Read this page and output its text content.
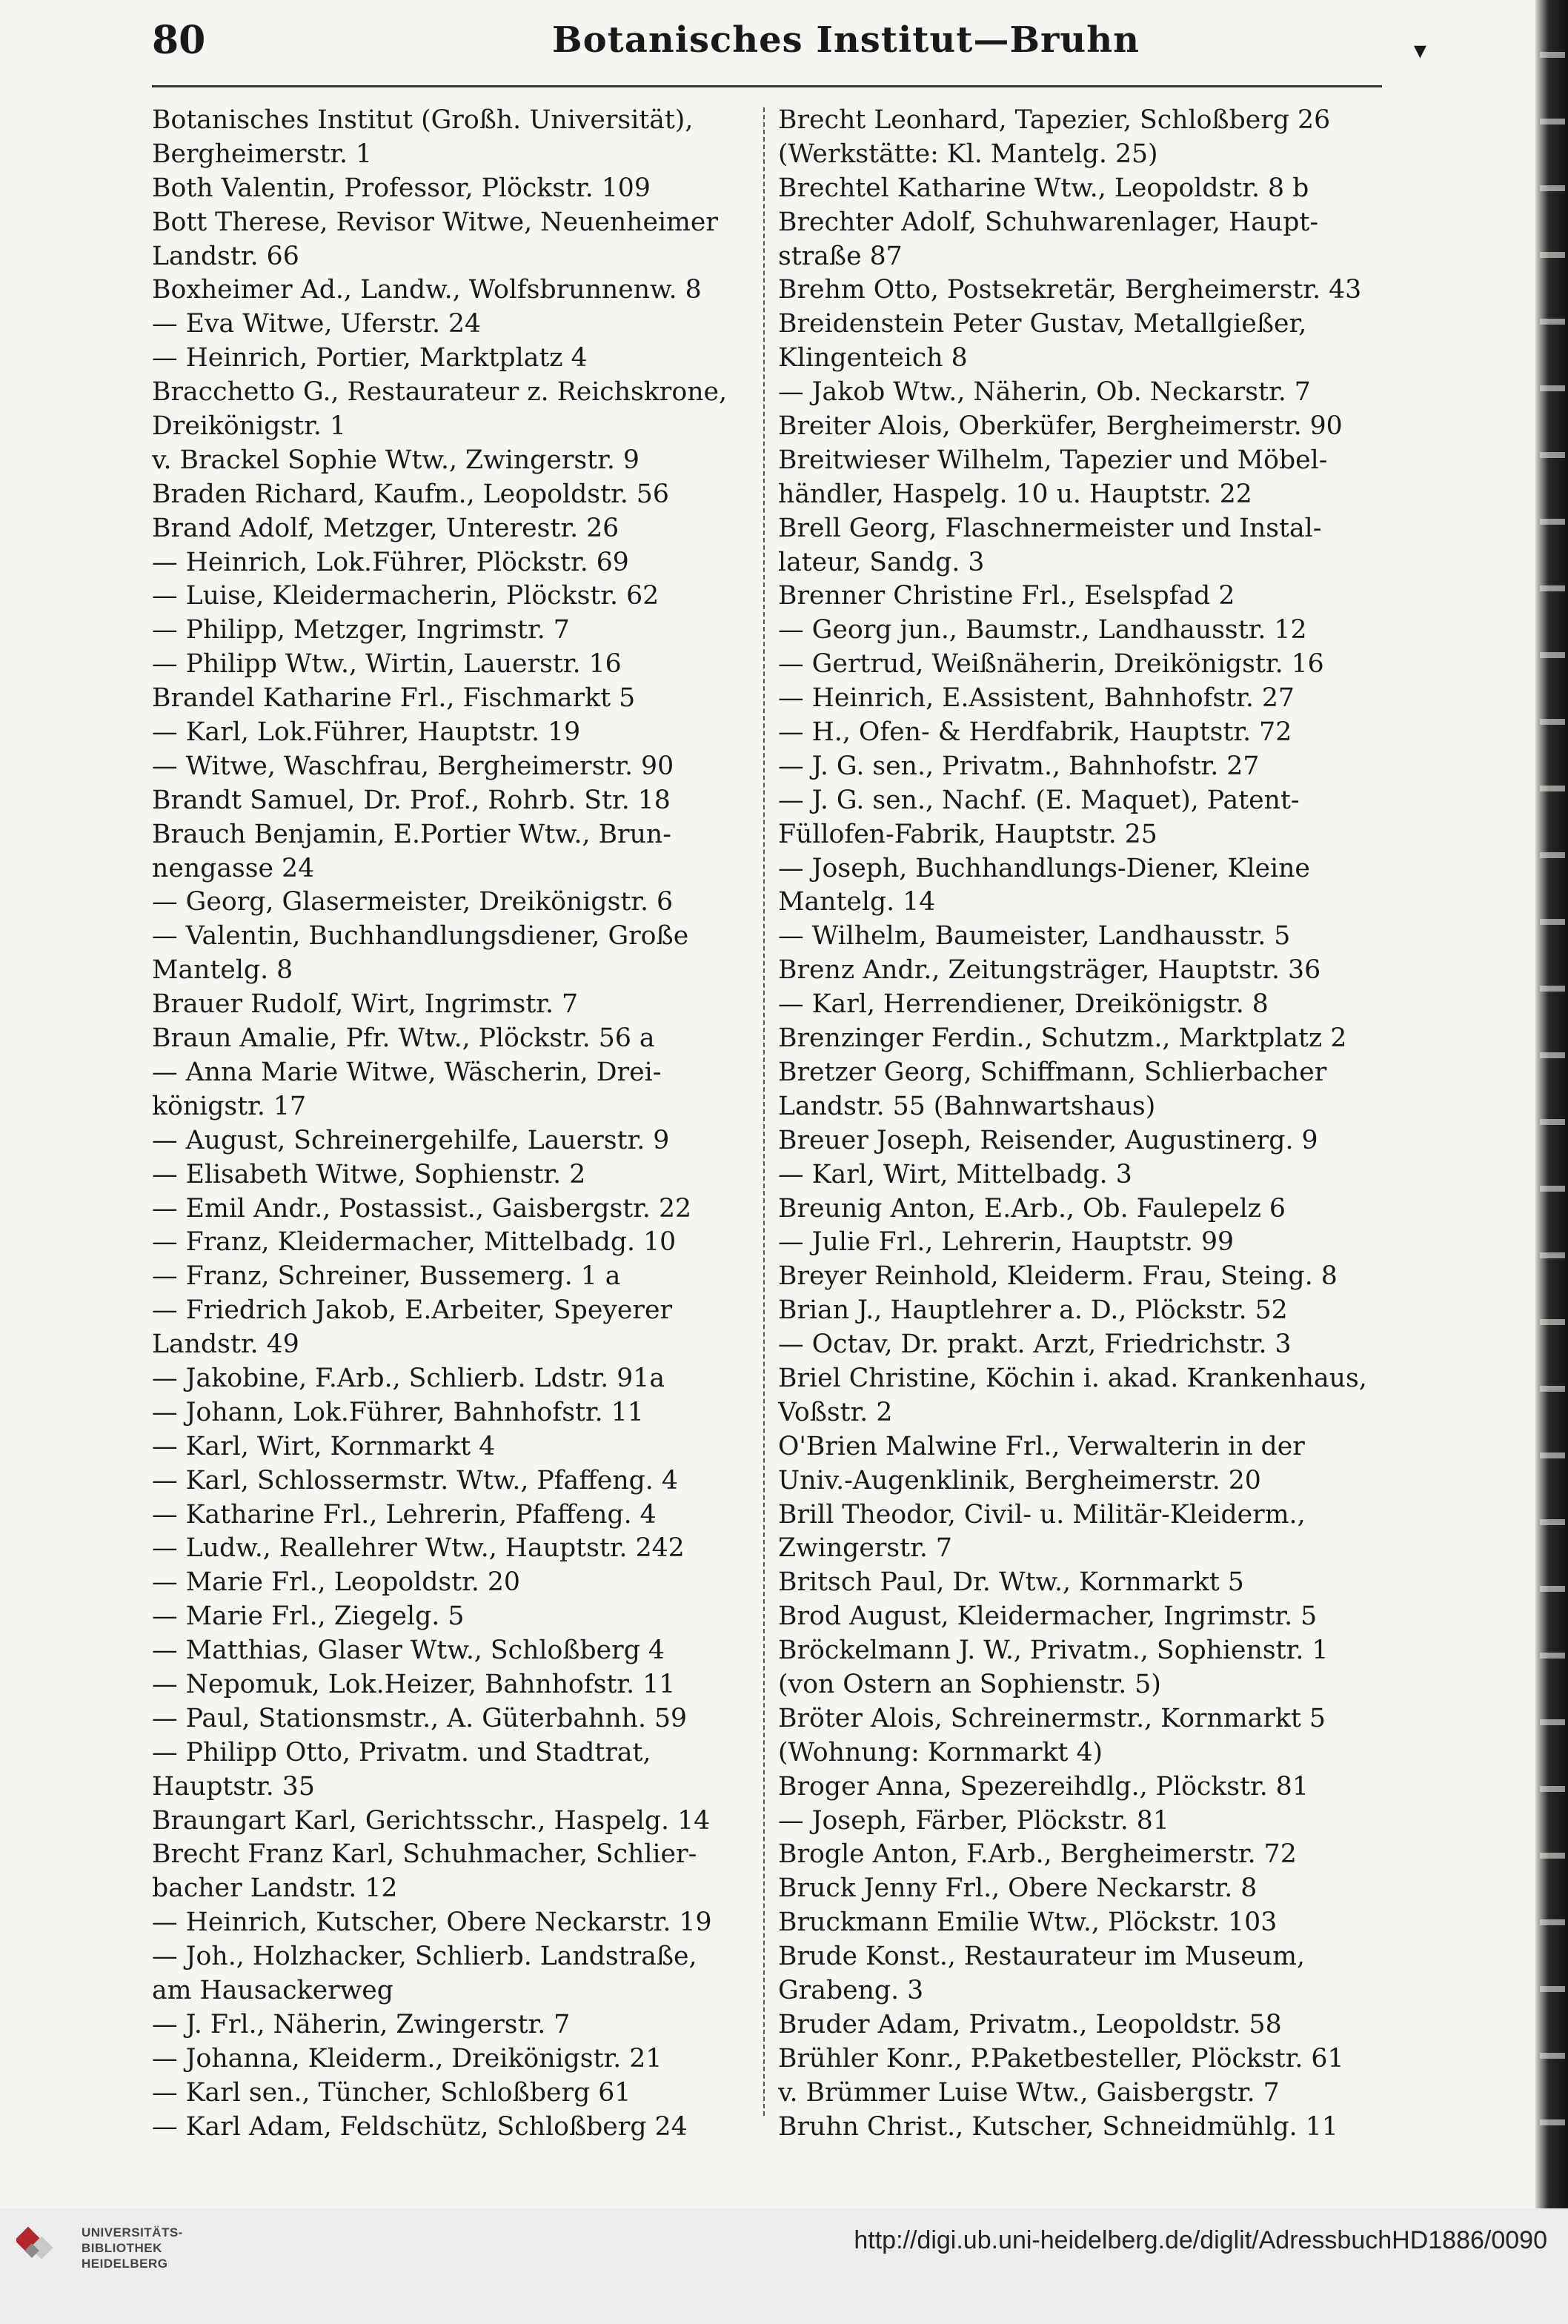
80	Botanisches Institut—Bruhn	▾
Botanisches Institut (Großh. Universität),
Bergheimerstr. 1
Both Valentin, Professor, Plöckstr. 109
Bott Therese, Revisor Witwe, Neuenheimer
Landstr. 66
Boxheimer Ad., Landw., Wolfsbrunnenw. 8
— Eva Witwe, Uferstr. 24
— Heinrich, Portier, Marktplatz 4
Bracchetto G., Restaurateur z. Reichskrone,
Dreikönigstr. 1
v. Brackel Sophie Wtw., Zwingerstr. 9
Braden Richard, Kaufm., Leopoldstr. 56
Brand Adolf, Metzger, Unterestr. 26
— Heinrich, Lok.Führer, Plöckstr. 69
— Luise, Kleidermacherin, Plöckstr. 62
— Philipp, Metzger, Ingrimstr. 7
— Philipp Wtw., Wirtin, Lauerstr. 16
Brandel Katharine Frl., Fischmarkt 5
— Karl, Lok.Führer, Hauptstr. 19
— Witwe, Waschfrau, Bergheimerstr. 90
Brandt Samuel, Dr. Prof., Rohrb. Str. 18
Brauch Benjamin, E.Portier Wtw., Brun-
nengasse 24
— Georg, Glasermeister, Dreikönigstr. 6
— Valentin, Buchhandlungsdiener, Große
Mantelg. 8
Brauer Rudolf, Wirt, Ingrimstr. 7
Braun Amalie, Pfr. Wtw., Plöckstr. 56 a
— Anna Marie Witwe, Wäscherin, Drei-
königstr. 17
— August, Schreinergehilfe, Lauerstr. 9
— Elisabeth Witwe, Sophienstr. 2
— Emil Andr., Postassist., Gaisbergstr. 22
— Franz, Kleidermacher, Mittelbadg. 10
— Franz, Schreiner, Bussemerg. 1 a
— Friedrich Jakob, E.Arbeiter, Speyerer
Landstr. 49
— Jakobine, F.Arb., Schlierb. Ldstr. 91a
— Johann, Lok.Führer, Bahnhofstr. 11
— Karl, Wirt, Kornmarkt 4
— Karl, Schlossermstr. Wtw., Pfaffeng. 4
— Katharine Frl., Lehrerin, Pfaffeng. 4
— Ludw., Reallehrer Wtw., Hauptstr. 242
— Marie Frl., Leopoldstr. 20
— Marie Frl., Ziegelg. 5
— Matthias, Glaser Wtw., Schloßberg 4
— Nepomuk, Lok.Heizer, Bahnhofstr. 11
— Paul, Stationsmstr., A. Güterbahnh. 59
— Philipp Otto, Privatm. und Stadtrat,
Hauptstr. 35
Braungart Karl, Gerichtsschr., Haspelg. 14
Brecht Franz Karl, Schuhmacher, Schlier-
bacher Landstr. 12
— Heinrich, Kutscher, Obere Neckarstr. 19
— Joh., Holzhacker, Schlierb. Landstraße,
am Hausackerweg
— J. Frl., Näherin, Zwingerstr. 7
— Johanna, Kleiderm., Dreikönigstr. 21
— Karl sen., Tüncher, Schloßberg 61
— Karl Adam, Feldschütz, Schloßberg 24
Brecht Leonhard, Tapezier, Schloßberg 26
(Werkstätte: Kl. Mantelg. 25)
Brechtel Katharine Wtw., Leopoldstr. 8 b
Brechter Adolf, Schuhwarenlager, Haupt-
straße 87
Brehm Otto, Postsekretär, Bergheimerstr. 43
Breidenstein Peter Gustav, Metallgießer,
Klingenteich 8
— Jakob Wtw., Näherin, Ob. Neckarstr. 7
Breiter Alois, Oberküfer, Bergheimerstr. 90
Breitwieser Wilhelm, Tapezier und Möbel-
händler, Haspelg. 10 u. Hauptstr. 22
Brell Georg, Flaschnermeister und Instal-
lateur, Sandg. 3
Brenner Christine Frl., Eselspfad 2
— Georg jun., Baumstr., Landhausstr. 12
— Gertrud, Weißnäherin, Dreikönigstr. 16
— Heinrich, E.Assistent, Bahnhofstr. 27
— H., Ofen- & Herdfabrik, Hauptstr. 72
— J. G. sen., Privatm., Bahnhofstr. 27
— J. G. sen., Nachf. (E. Maquet), Patent-
Füllofen-Fabrik, Hauptstr. 25
— Joseph, Buchhandlungs-Diener, Kleine
Mantelg. 14
— Wilhelm, Baumeister, Landhausstr. 5
Brenz Andr., Zeitungsträger, Hauptstr. 36
— Karl, Herrendiener, Dreikönigstr. 8
Brenzinger Ferdin., Schutzm., Marktplatz 2
Bretzer Georg, Schiffmann, Schlierbacher
Landstr. 55 (Bahnwartshaus)
Breuer Joseph, Reisender, Augustinerg. 9
— Karl, Wirt, Mittelbadg. 3
Breunig Anton, E.Arb., Ob. Faulepelz 6
— Julie Frl., Lehrerin, Hauptstr. 99
Breyer Reinhold, Kleiderm. Frau, Steing. 8
Brian J., Hauptlehrer a. D., Plöckstr. 52
— Octav, Dr. prakt. Arzt, Friedrichstr. 3
Briel Christine, Köchin i. akad. Krankenhaus,
Voßstr. 2
O'Brien Malwine Frl., Verwalterin in der
Univ.-Augenklinik, Bergheimerstr. 20
Brill Theodor, Civil- u. Militär-Kleiderm.,
Zwingerstr. 7
Britsch Paul, Dr. Wtw., Kornmarkt 5
Brod August, Kleidermacher, Ingrimstr. 5
Bröckelmann J. W., Privatm., Sophienstr. 1
(von Ostern an Sophienstr. 5)
Bröter Alois, Schreinermstr., Kornmarkt 5
(Wohnung: Kornmarkt 4)
Broger Anna, Spezereihdlg., Plöckstr. 81
— Joseph, Färber, Plöckstr. 81
Brogle Anton, F.Arb., Bergheimerstr. 72
Bruck Jenny Frl., Obere Neckarstr. 8
Bruckmann Emilie Wtw., Plöckstr. 103
Brude Konst., Restaurateur im Museum,
Grabeng. 3
Bruder Adam, Privatm., Leopoldstr. 58
Brühler Konr., P.Paketbesteller, Plöckstr. 61
v. Brümmer Luise Wtw., Gaisbergstr. 7
Bruhn Christ., Kutscher, Schneidmühlg. 11
UNIVERSITÄTS-
BIBLIOTHEK
HEIDELBERG
http://digi.ub.uni-heidelberg.de/diglit/AdressbuchHD1886/0090
